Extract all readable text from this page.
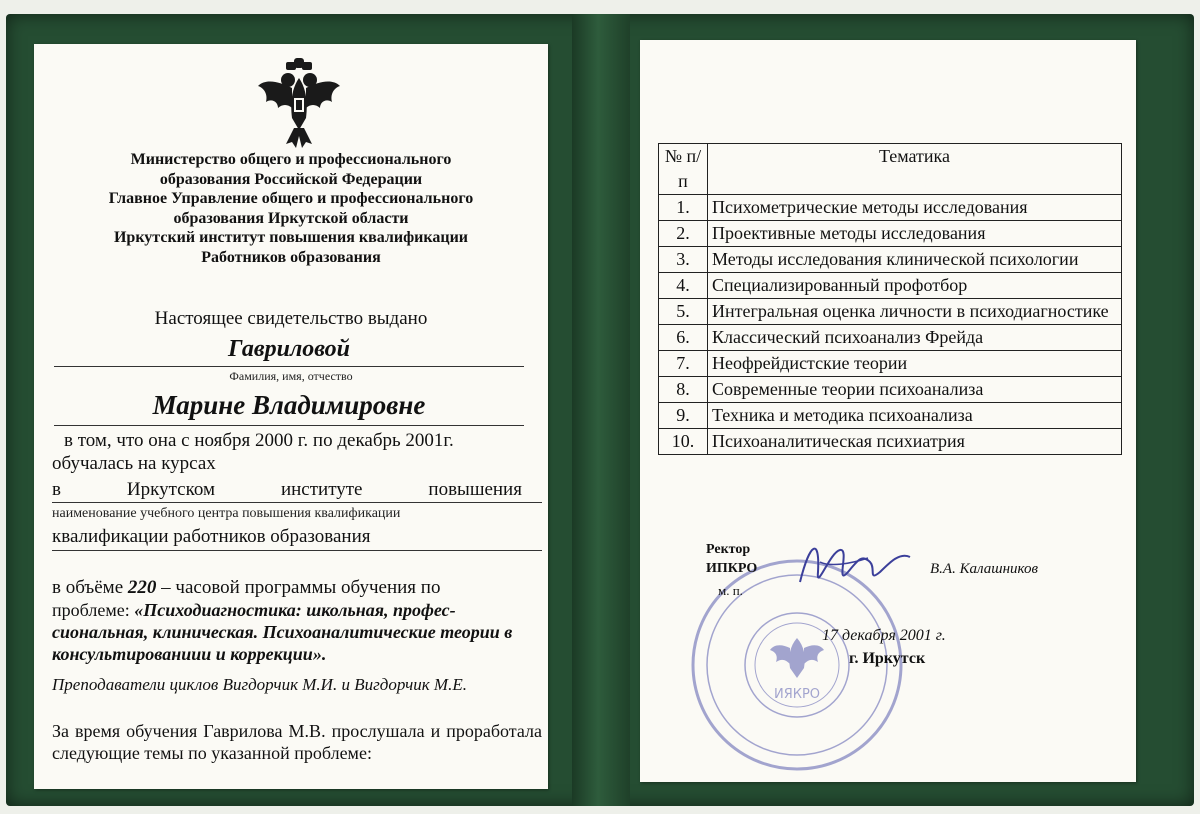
Министерство общего и профессионального
образования Российской Федерации
Главное Управление общего и профессионального
образования Иркутской области
Иркутский институт повышения квалификации
Работников образования
Настоящее свидетельство выдано
Гавриловой
Фамилия, имя, отчество
Марине Владимировне
в том, что она с ноября 2000 г. по декабрь 2001г.
обучалась на курсах
в	Иркутском	институте	повышения
наименование учебного центра повышения квалификации
квалификации работников образования
в объёме 220 – часовой программы обучения по
проблеме: «Психодиагностика: школьная, профес-сиональная, клиническая. Психоаналитические теории в консультированиии и коррекции».
Преподаватели циклов Вигдорчик М.И. и Вигдорчик М.Е.
За время обучения Гаврилова М.В. прослушала и проработала следующие темы по указанной проблеме:
№ п/п	Тематика
1.	Психометрические методы исследования
2.	Проективные методы исследования
3.	Методы исследования клинической психологии
4.	Специализированный профотбор
5.	Интегральная оценка личности в психодиагностике
6.	Классический психоанализ Фрейда
7.	Неофрейдистские теории
8.	Современные теории психоанализа
9.	Техника и методика психоанализа
10.	Психоаналитическая психиатрия
ИЯКРО
Ректор
ИПКРО
м. п.
В.А. Калашников
17 декабря 2001 г.
г. Иркутск
